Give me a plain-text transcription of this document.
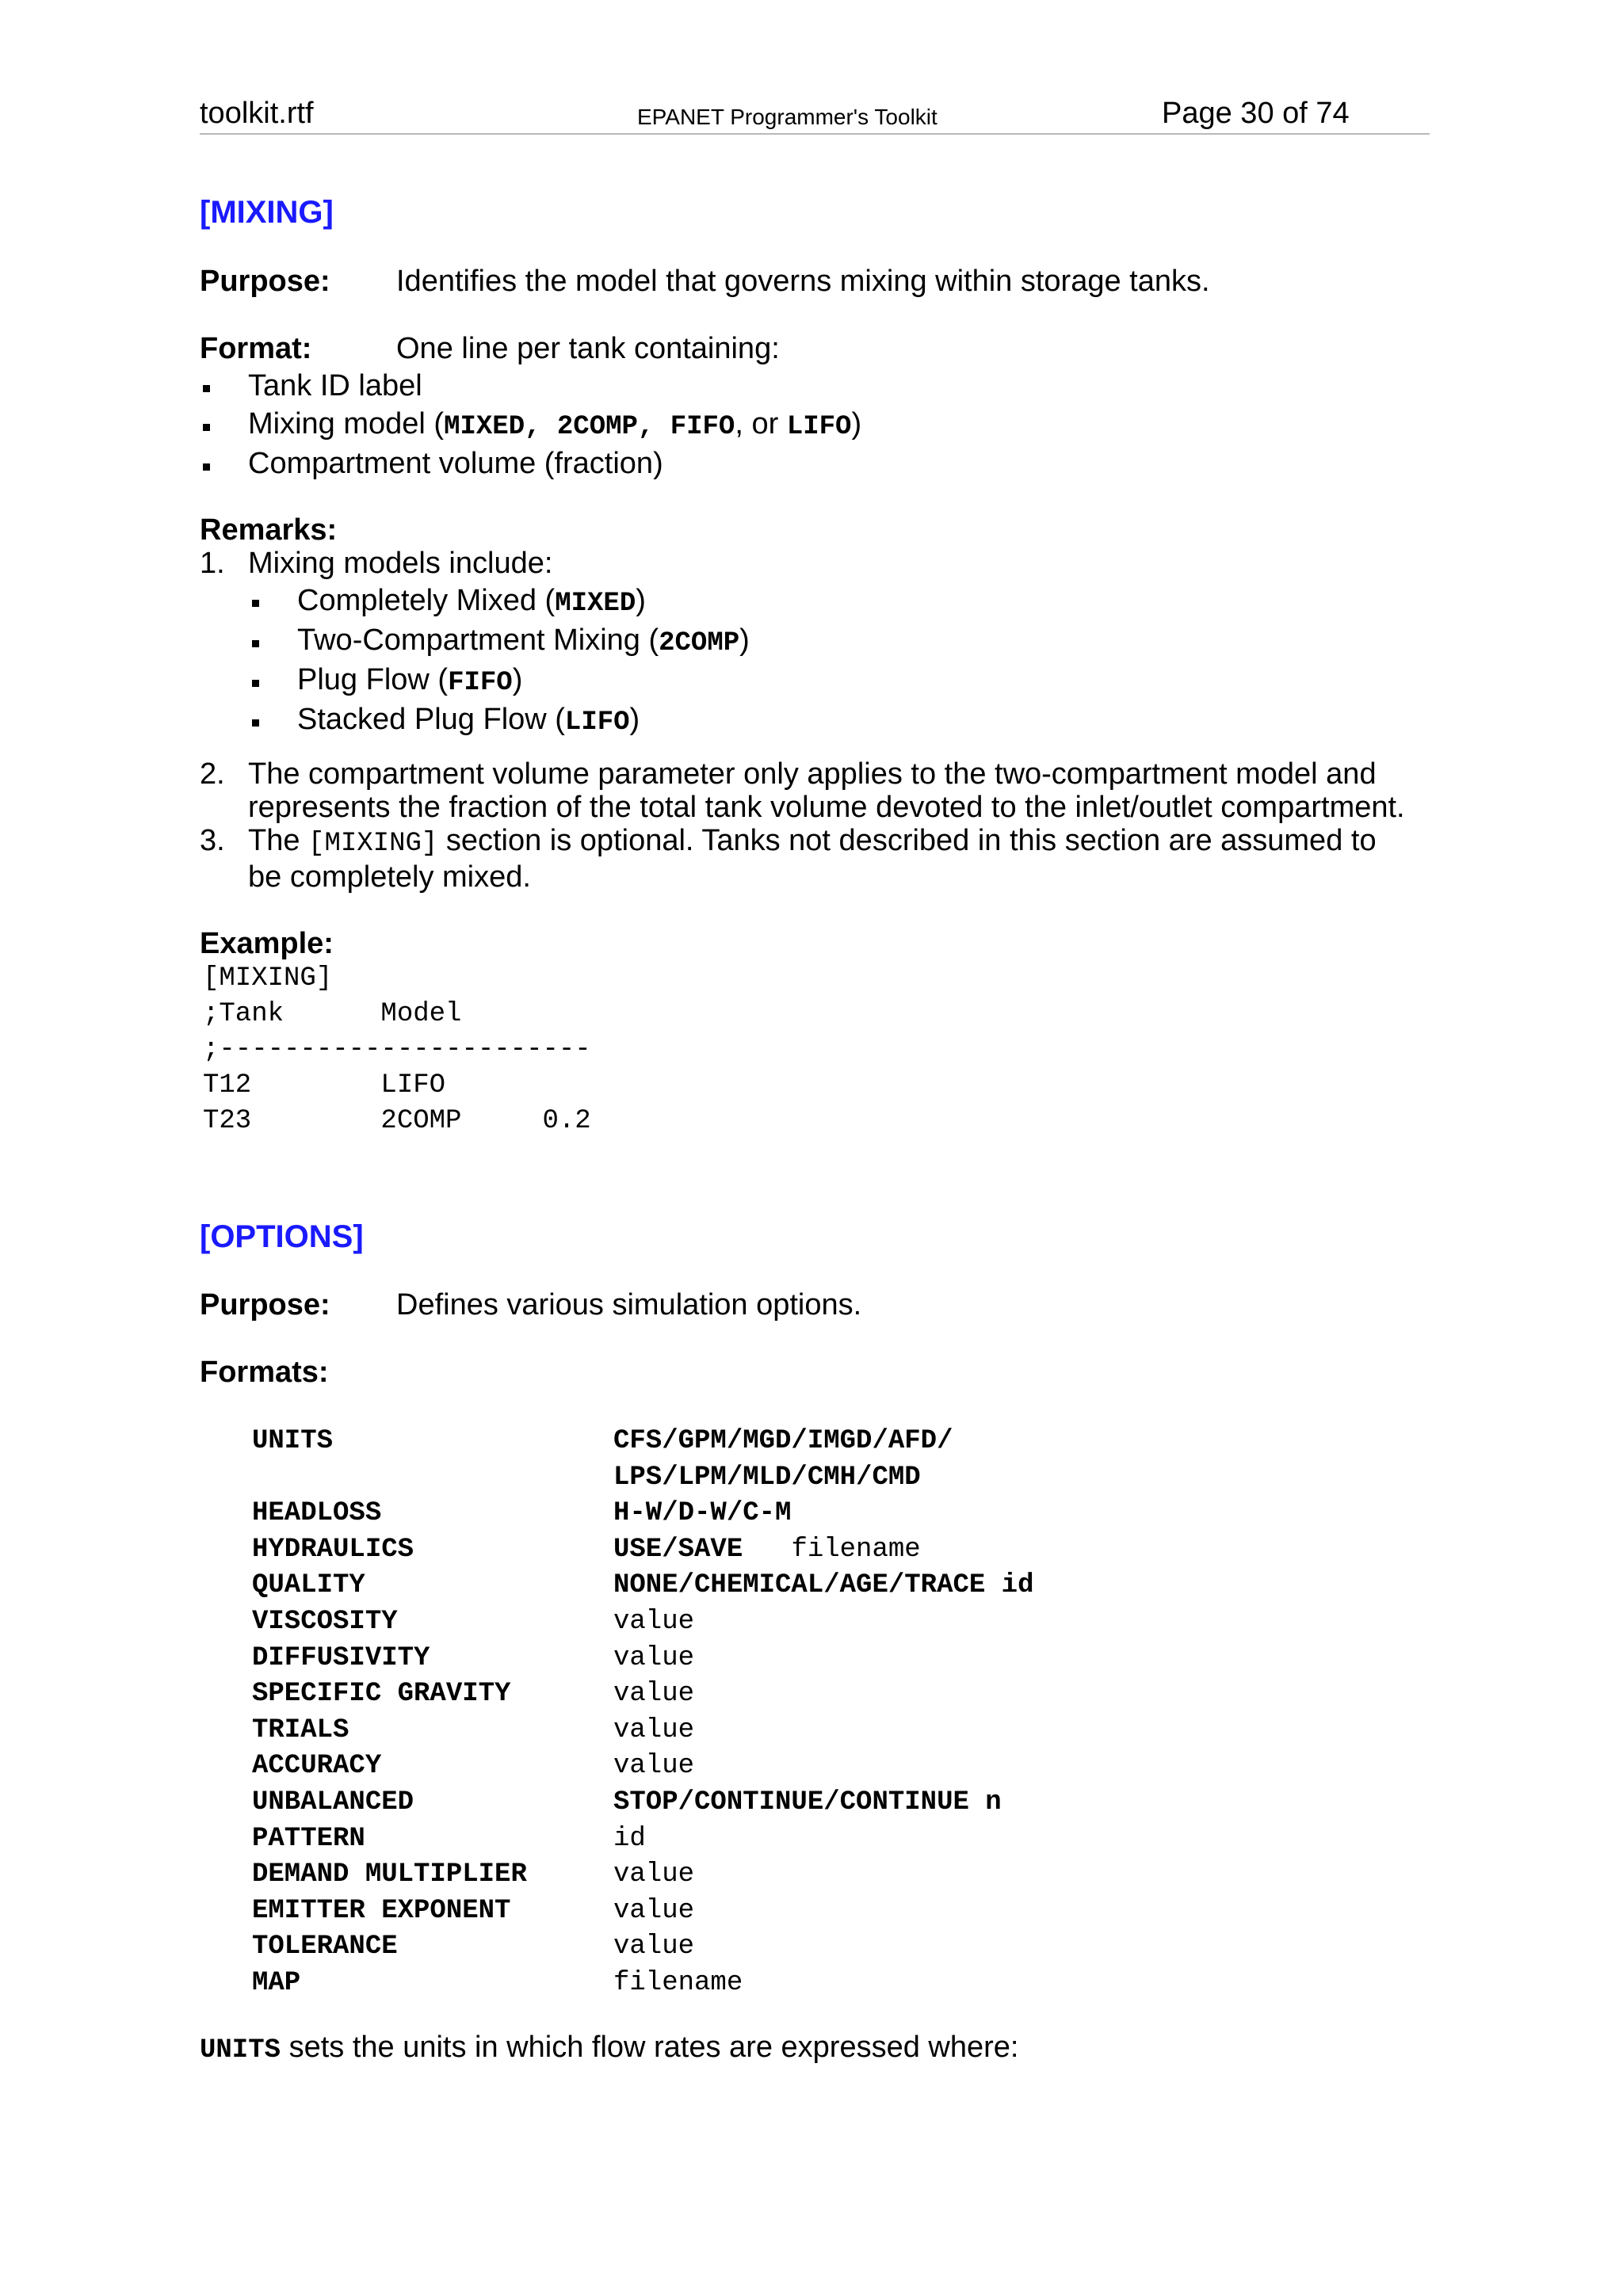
toolkit.rtf	EPANET Programmer's Toolkit	Page 30 of 74
[MIXING]
Purpose: Identifies the model that governs mixing within storage tanks.
Format:	One line per tank containing:
Tank ID label
Mixing model (MIXED, 2COMP, FIFO, or LIFO)
Compartment volume (fraction)
Remarks:
1. Mixing models include:
Completely Mixed (MIXED)
Two-Compartment Mixing (2COMP)
Plug Flow (FIFO)
Stacked Plug Flow (LIFO)
2. The compartment volume parameter only applies to the two-compartment model and
represents the fraction of the total tank volume devoted to the inlet/outlet compartment.
3. The [MIXING] section is optional. Tanks not described in this section are assumed to
be completely mixed.
Example:
[MIXING]
;Tank      Model
;-----------------------
T12        LIFO
T23        2COMP     0.2
[OPTIONS]
Purpose: Defines various simulation options.
Formats:
UNITS	CFS/GPM/MGD/IMGD/AFD/
LPS/LPM/MLD/CMH/CMD
HEADLOSS	H-W/D-W/C-M
HYDRAULICS	USE/SAVE   filename
QUALITY	NONE/CHEMICAL/AGE/TRACE id
VISCOSITY	value
DIFFUSIVITY	value
SPECIFIC GRAVITY	value
TRIALS	value
ACCURACY	value
UNBALANCED	STOP/CONTINUE/CONTINUE n
PATTERN	id
DEMAND MULTIPLIER	value
EMITTER EXPONENT	value
TOLERANCE	value
MAP	filename
UNITS sets the units in which flow rates are expressed where:
